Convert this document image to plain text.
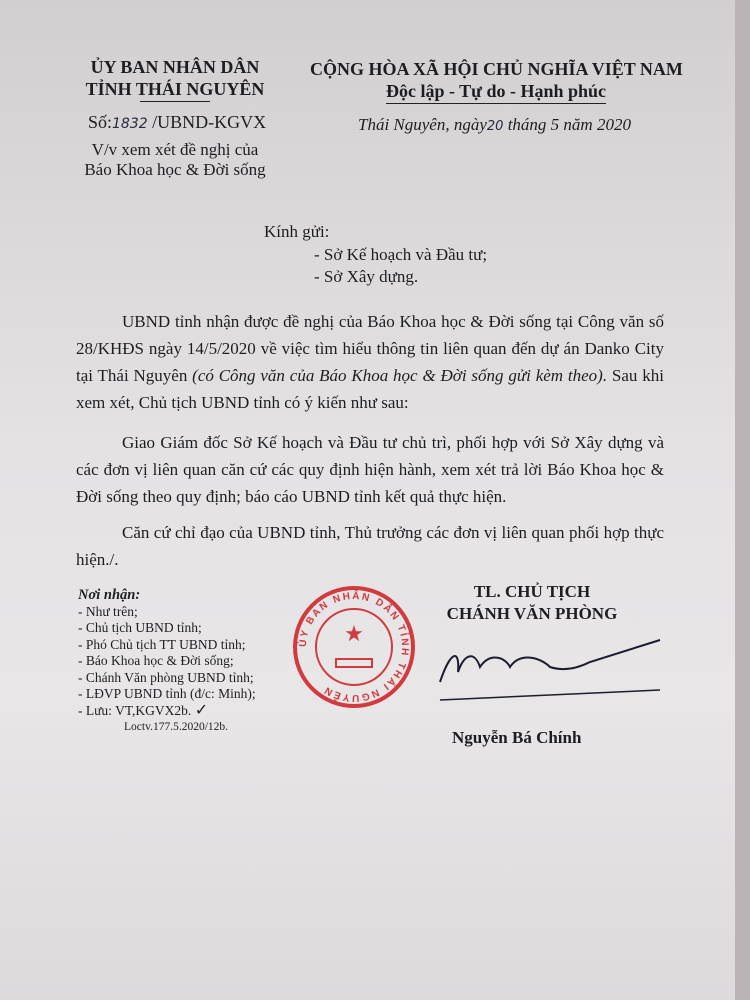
ỦY BAN NHÂN DÂN
TỈNH THÁI NGUYÊN
Số:1832 /UBND-KGVX
V/v xem xét đề nghị của
Báo Khoa học & Đời sống
CỘNG HÒA XÃ HỘI CHỦ NGHĨA VIỆT NAM
Độc lập - Tự do - Hạnh phúc
Thái Nguyên, ngày20 tháng 5 năm 2020
Kính gửi:
- Sở Kế hoạch và Đầu tư;
- Sở Xây dựng.

UBND tỉnh nhận được đề nghị của Báo Khoa học & Đời sống tại Công văn số 28/KHĐS ngày 14/5/2020 về việc tìm hiểu thông tin liên quan đến dự án Danko City tại Thái Nguyên (có Công văn của Báo Khoa học & Đời sống gửi kèm theo). Sau khi xem xét, Chủ tịch UBND tỉnh có ý kiến như sau:

Giao Giám đốc Sở Kế hoạch và Đầu tư chủ trì, phối hợp với Sở Xây dựng và các đơn vị liên quan căn cứ các quy định hiện hành, xem xét trả lời Báo Khoa học & Đời sống theo quy định; báo cáo UBND tỉnh kết quả thực hiện.

Căn cứ chỉ đạo của UBND tỉnh, Thủ trưởng các đơn vị liên quan phối hợp thực hiện./.

Nơi nhận:
- Như trên;
- Chủ tịch UBND tỉnh;
- Phó Chủ tịch TT UBND tỉnh;
- Báo Khoa học & Đời sống;
- Chánh Văn phòng UBND tỉnh;
- LĐVP UBND tỉnh (đ/c: Minh);
- Lưu: VT,KGVX2b. ✓
Loctv.177.5.2020/12b.
ỦY BAN NHÂN DÂN TỈNH THÁI NGUYÊN
★
TL. CHỦ TỊCH
CHÁNH VĂN PHÒNG
Nguyễn Bá Chính
